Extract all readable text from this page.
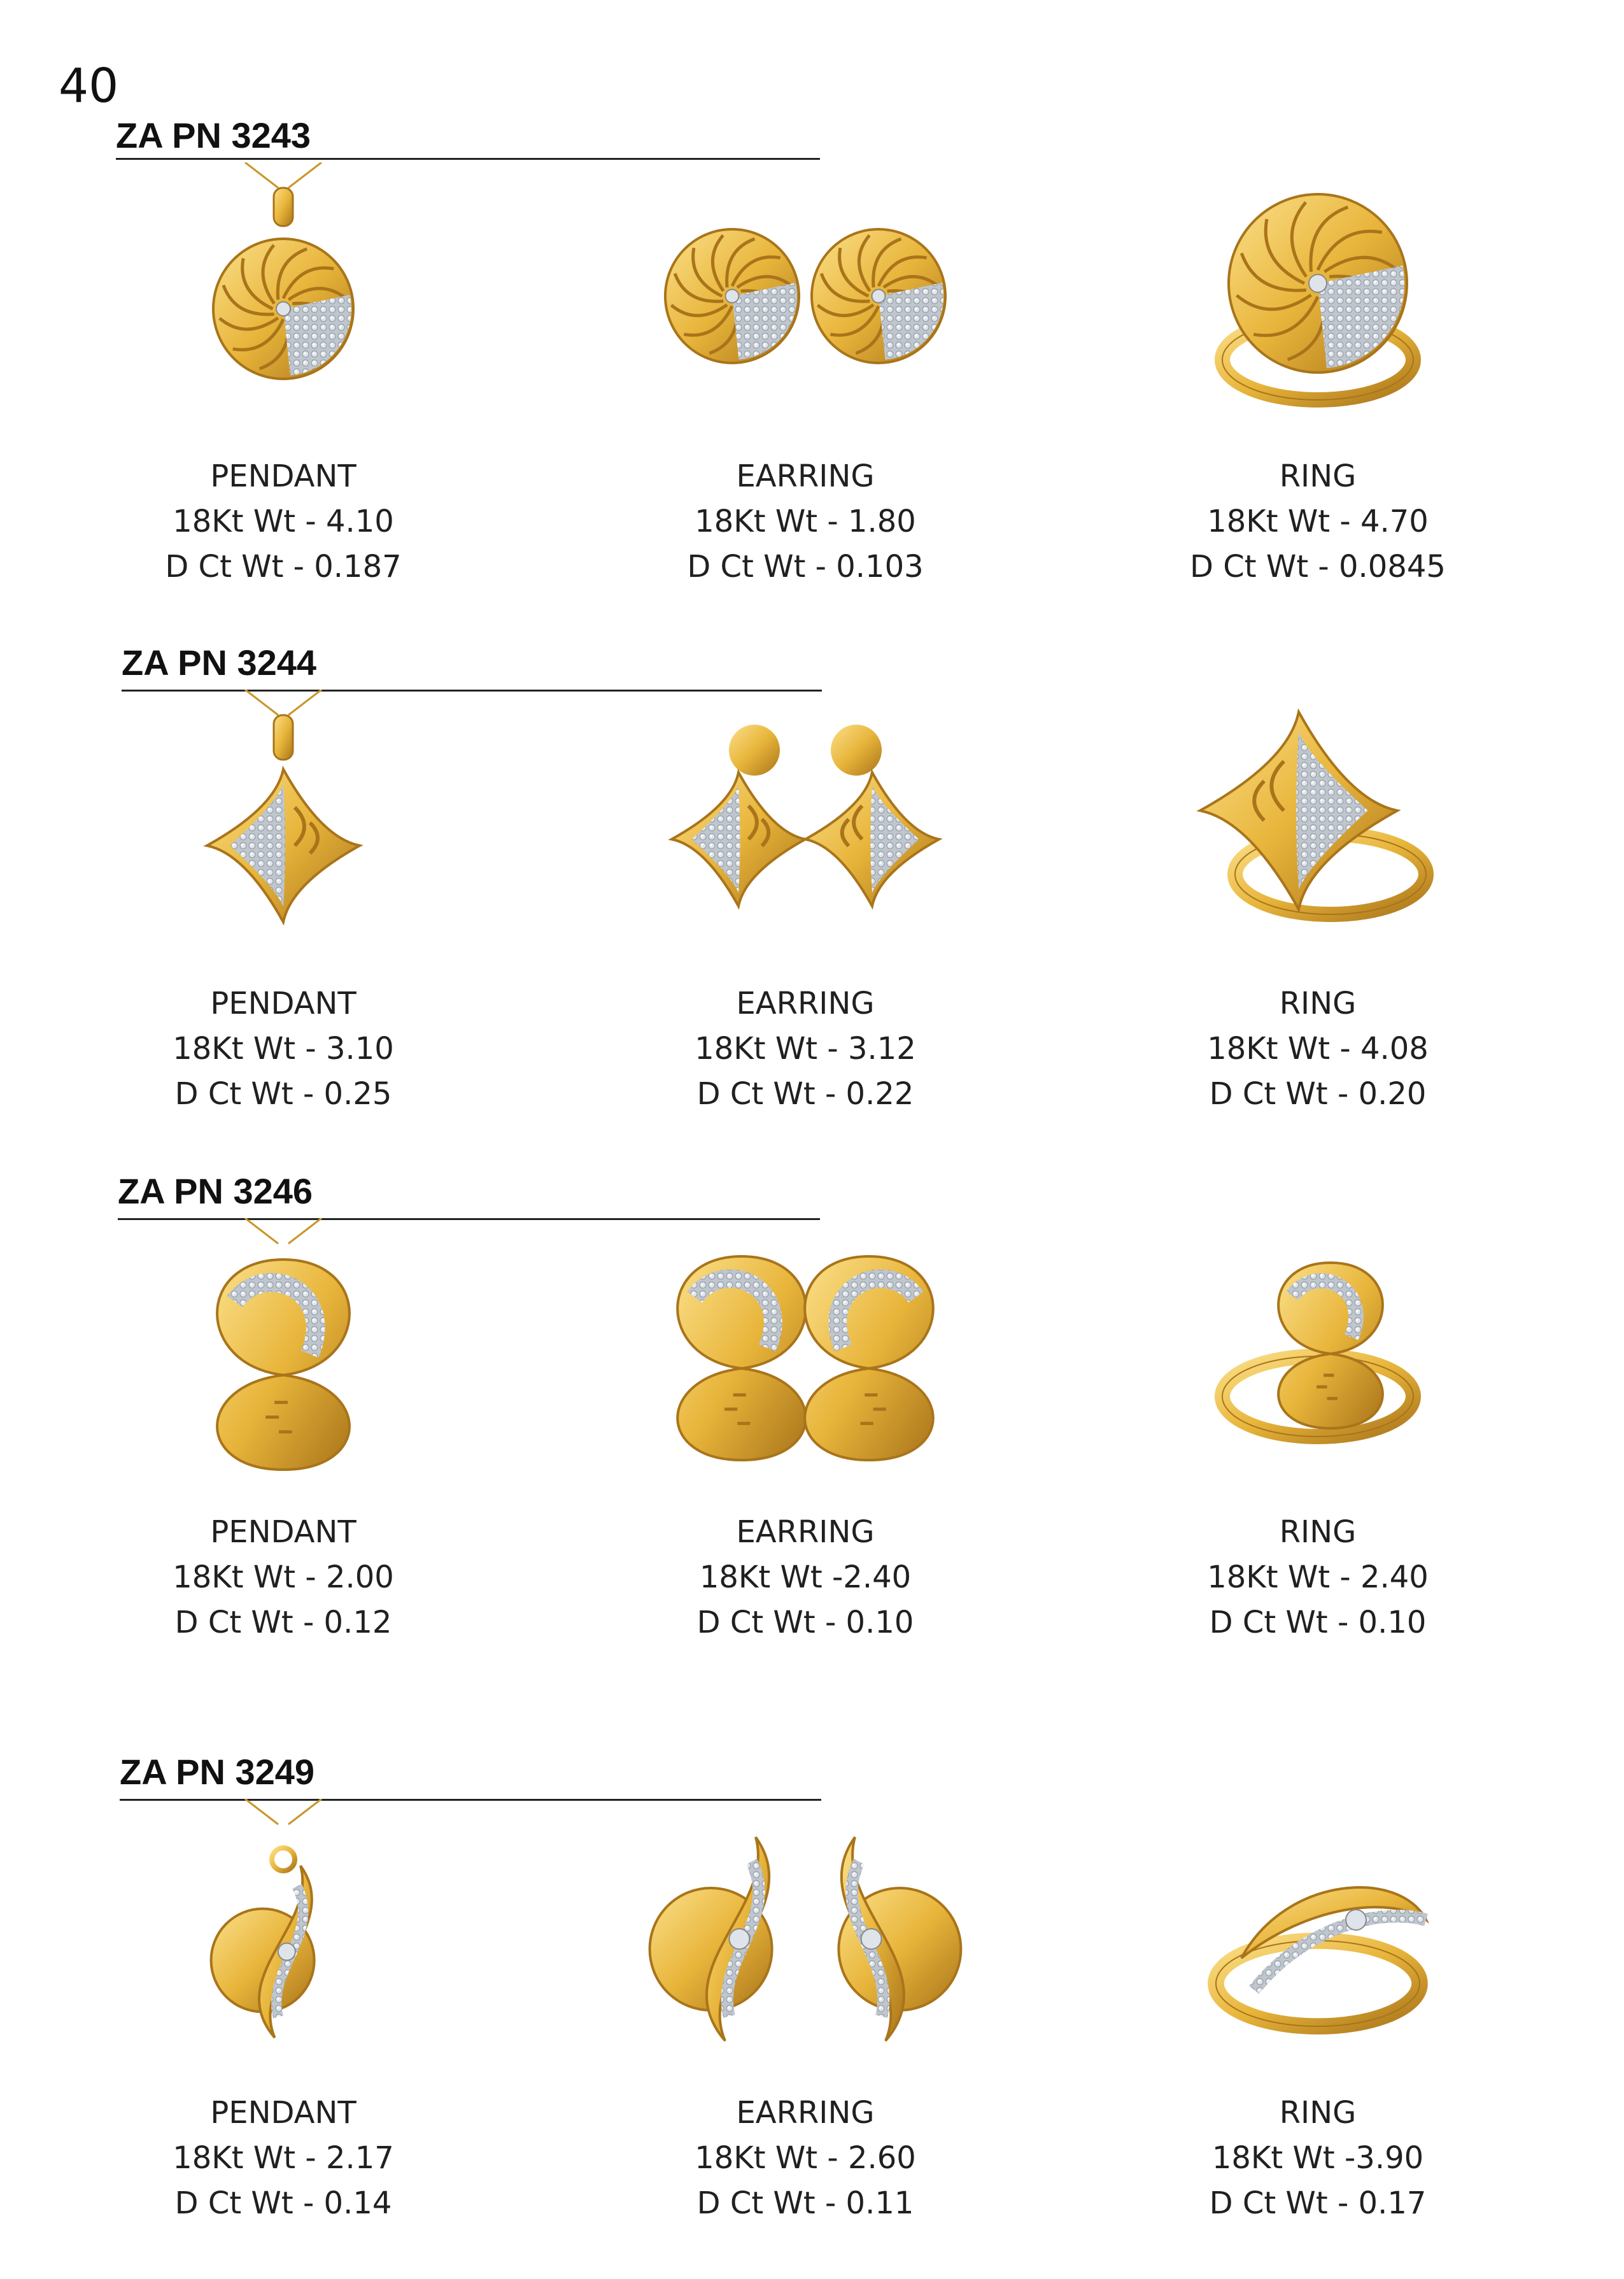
40
ZA PN 3243
PENDANT
18Kt Wt - 4.10
D Ct Wt - 0.187
EARRING
18Kt Wt - 1.80
D Ct Wt - 0.103
RING
18Kt Wt - 4.70
D Ct Wt - 0.0845
ZA PN 3244
PENDANT
18Kt Wt - 3.10
D Ct Wt - 0.25
EARRING
18Kt Wt - 3.12
D Ct Wt - 0.22
RING
18Kt Wt - 4.08
D Ct Wt - 0.20
ZA PN 3246
PENDANT
18Kt Wt - 2.00
D Ct Wt - 0.12
EARRING
18Kt Wt -2.40
D Ct Wt - 0.10
RING
18Kt Wt - 2.40
D Ct Wt - 0.10
ZA PN 3249
PENDANT
18Kt Wt - 2.17
D Ct Wt - 0.14
EARRING
18Kt Wt - 2.60
D Ct Wt - 0.11
RING
18Kt Wt -3.90
D Ct Wt - 0.17
